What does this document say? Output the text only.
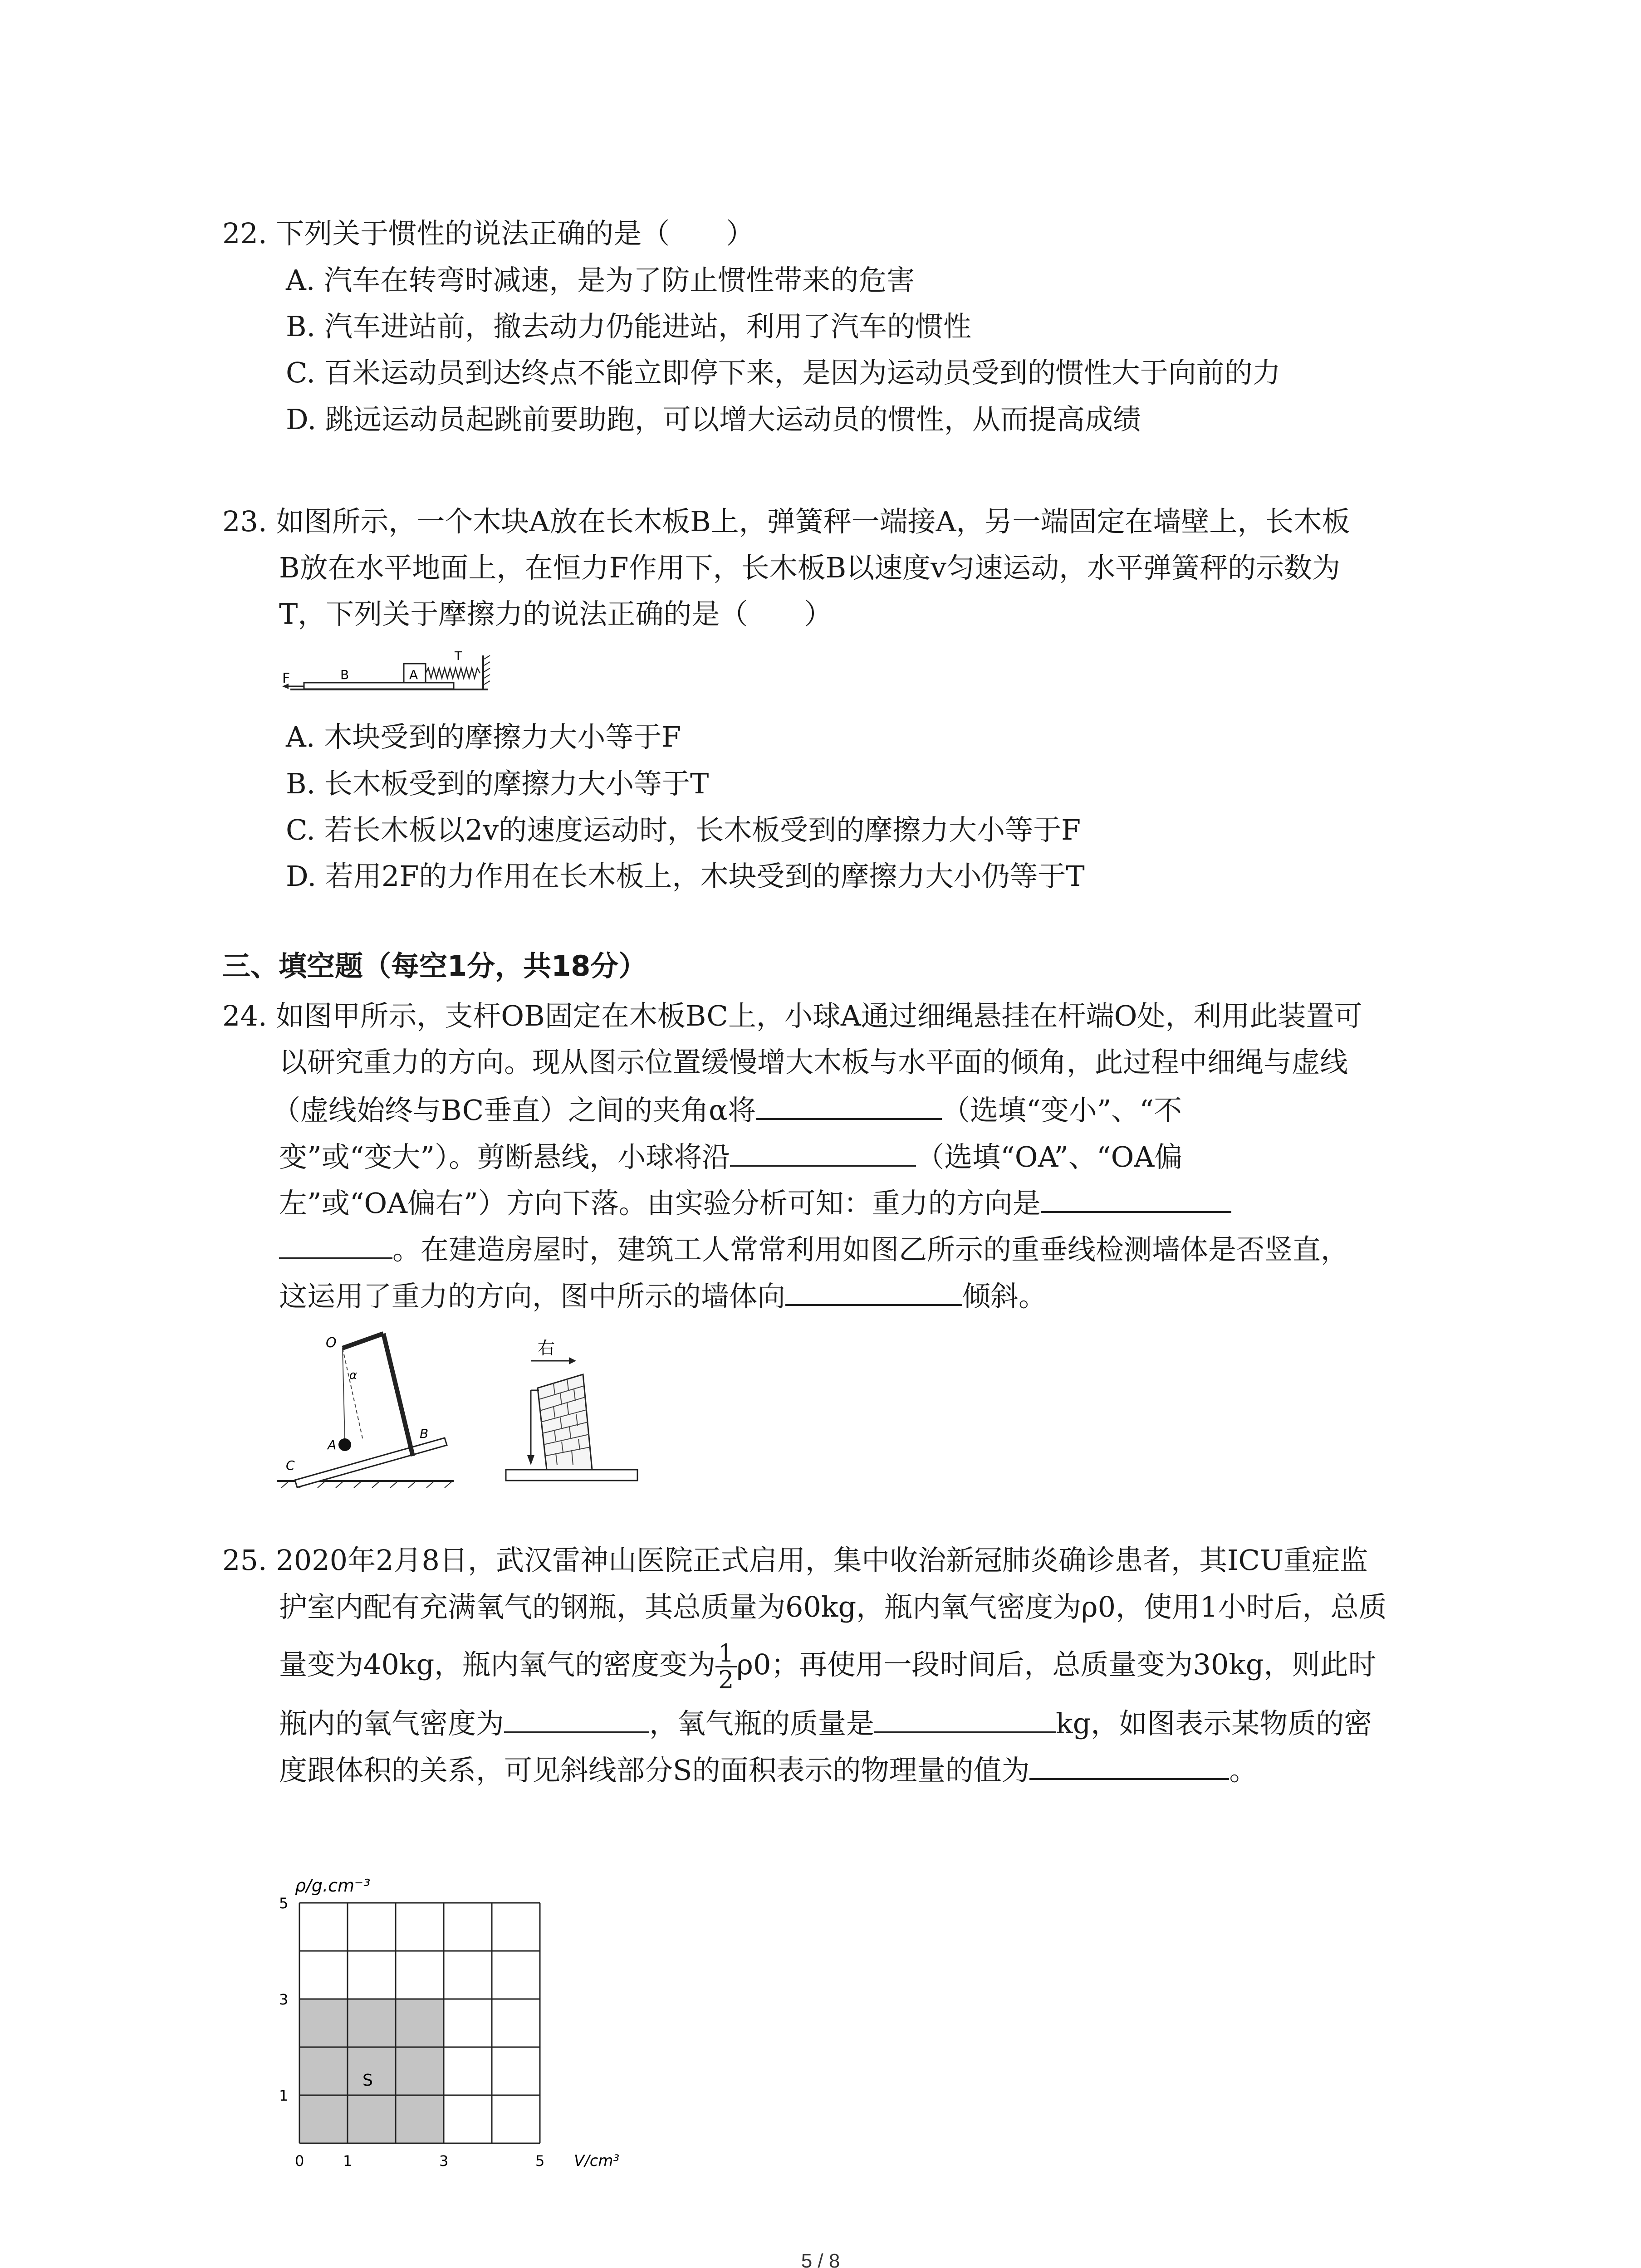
22. 下列关于惯性的说法正确的是（　　）
A. 汽车在转弯时减速，是为了防止惯性带来的危害
B. 汽车进站前，撤去动力仍能进站，利用了汽车的惯性
C. 百米运动员到达终点不能立即停下来，是因为运动员受到的惯性大于向前的力
D. 跳远运动员起跳前要助跑，可以增大运动员的惯性，从而提高成绩
23. 如图所示，一个木块A放在长木板B上，弹簧秤一端接A，另一端固定在墙壁上，长木板
B放在水平地面上，在恒力F作用下，长木板B以速度v匀速运动，水平弹簧秤的示数为
T，下列关于摩擦力的说法正确的是（　　）
F	B	A
T
A. 木块受到的摩擦力大小等于F
B. 长木板受到的摩擦力大小等于T
C. 若长木板以2v的速度运动时，长木板受到的摩擦力大小等于F
D. 若用2F的力作用在长木板上，木块受到的摩擦力大小仍等于T
三、填空题（每空1分，共18分）
24. 如图甲所示，支杆OB固定在木板BC上，小球A通过细绳悬挂在杆端O处，利用此装置可
以研究重力的方向。现从图示位置缓慢增大木板与水平面的倾角，此过程中细绳与虚线
（虚线始终与BC垂直）之间的夹角α将	（选填“变小”、“不
变”或“变大”）。剪断悬线，小球将沿	（选填“OA”、“OA偏
左”或“OA偏右”）方向下落。由实验分析可知：重力的方向是
。在建造房屋时，建筑工人常常利用如图乙所示的重垂线检测墙体是否竖直，
这运用了重力的方向，图中所示的墙体向	倾斜。
O
α
A
B
C
右
25. 2020年2月8日，武汉雷神山医院正式启用，集中收治新冠肺炎确诊患者，其ICU重症监
护室内配有充满氧气的钢瓶，其总质量为60kg，瓶内氧气密度为ρ0，使用1小时后，总质
量变为40kg，瓶内氧气的密度变为 $\frac{1}{2} \rho 0$；再使用一段时间后，总质量变为30kg，则此时
瓶内的氧气密度为	，氧气瓶的质量是	kg，如图表示某物质的密
度跟体积的关系，可见斜线部分S的面积表示的物理量的值为	。
S
0	1	3	5
1
3
5
ρ/g.cm⁻³
V/cm³
5 / 8
